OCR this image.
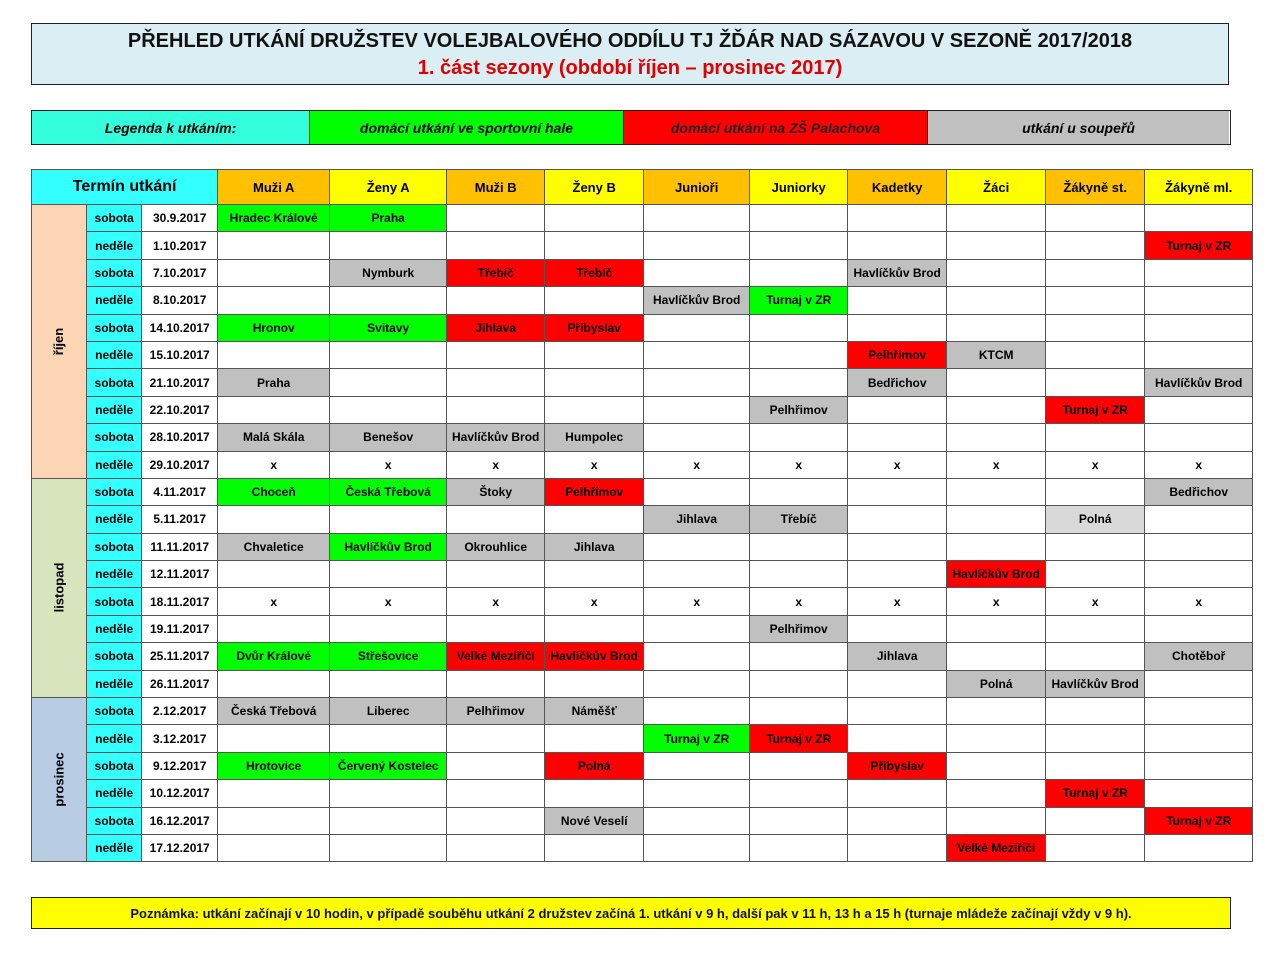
PŘEHLED UTKÁNÍ DRUŽSTEV VOLEJBALOVÉHO ODDÍLU TJ ŽĎÁR NAD SÁZAVOU V SEZONĚ 2017/2018
1. část sezony (období říjen – prosinec 2017)
Legenda k utkáním:	domácí utkání ve sportovní hale	domácí utkání na ZŠ Palachova	utkání u soupeřů
Termín utkání			Muži A	Ženy A	Muži B	Ženy B	Junioři	Juniorky	Kadetky	Žáci	Žákyně st.	Žákyně ml.
říjen	sobota	30.9.2017	Hradec Králové	Praha								
	neděle	1.10.2017										Turnaj v ZR
	sobota	7.10.2017		Nymburk	Třebíč	Třebíč			Havlíčkův Brod			
	neděle	8.10.2017					Havlíčkův Brod	Turnaj v ZR				
	sobota	14.10.2017	Hronov	Svitavy	Jihlava	Přibyslav						
	neděle	15.10.2017							Pelhřimov	KTCM		
	sobota	21.10.2017	Praha						Bedřichov			Havlíčkův Brod
	neděle	22.10.2017						Pelhřimov			Turnaj v ZR	
	sobota	28.10.2017	Malá Skála	Benešov	Havlíčkův Brod	Humpolec						
	neděle	29.10.2017	x	x	x	x	x	x	x	x	x	x
listopad	sobota	4.11.2017	Choceň	Česká Třebová	Štoky	Pelhřimov						Bedřichov
	neděle	5.11.2017					Jihlava	Třebíč			Polná	
	sobota	11.11.2017	Chvaletice	Havlíčkův Brod	Okrouhlice	Jihlava						
	neděle	12.11.2017								Havlíčkův Brod		
	sobota	18.11.2017	x	x	x	x	x	x	x	x	x	x
	neděle	19.11.2017						Pelhřimov				
	sobota	25.11.2017	Dvůr Králové	Střešovice	Velké Meziříčí	Havlíčkův Brod			Jihlava			Chotěboř
	neděle	26.11.2017								Polná	Havlíčkův Brod	
prosinec	sobota	2.12.2017	Česká Třebová	Liberec	Pelhřimov	Náměšť						
	neděle	3.12.2017					Turnaj v ZR	Turnaj v ZR				
	sobota	9.12.2017	Hrotovice	Červený Kostelec		Polná			Přibyslav			
	neděle	10.12.2017									Turnaj v ZR	
	sobota	16.12.2017				Nové Veselí						Turnaj v ZR
	neděle	17.12.2017								Velké Meziříčí		
Poznámka: utkání začínají v 10 hodin, v případě souběhu utkání 2 družstev začíná 1. utkání v 9 h, další pak v 11 h, 13 h a 15 h (turnaje mládeže začínají vždy v 9 h).
